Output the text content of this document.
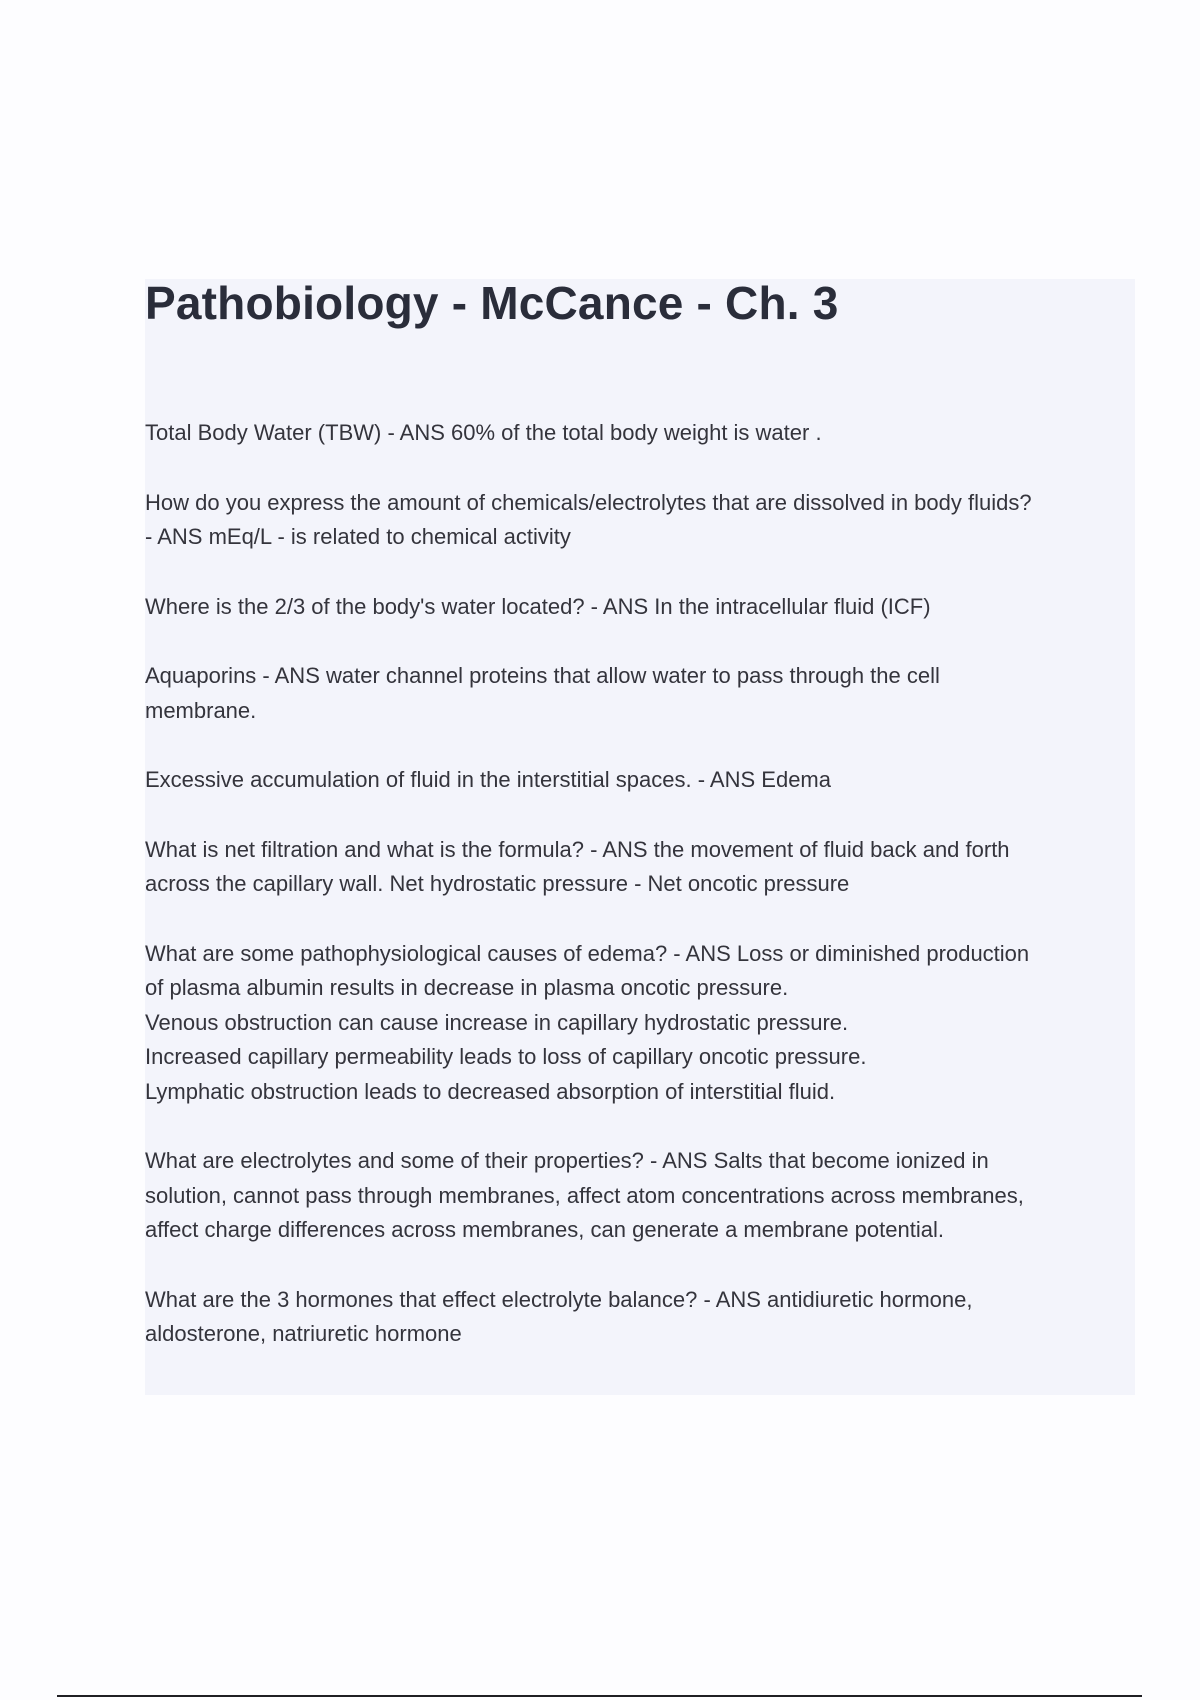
Pathobiology - McCance - Ch. 3
Total Body Water (TBW) - ANS 60% of the total body weight is water .
How do you express the amount of chemicals/electrolytes that are dissolved in body fluids?
- ANS mEq/L - is related to chemical activity
Where is the 2/3 of the body's water located? - ANS In the intracellular fluid (ICF)
Aquaporins - ANS water channel proteins that allow water to pass through the cell
membrane.
Excessive accumulation of fluid in the interstitial spaces. - ANS Edema
What is net filtration and what is the formula? - ANS the movement of fluid back and forth
across the capillary wall. Net hydrostatic pressure - Net oncotic pressure
What are some pathophysiological causes of edema? - ANS Loss or diminished production
of plasma albumin results in decrease in plasma oncotic pressure.
Venous obstruction can cause increase in capillary hydrostatic pressure.
Increased capillary permeability leads to loss of capillary oncotic pressure.
Lymphatic obstruction leads to decreased absorption of interstitial fluid.
What are electrolytes and some of their properties? - ANS Salts that become ionized in
solution, cannot pass through membranes, affect atom concentrations across membranes,
affect charge differences across membranes, can generate a membrane potential.
What are the 3 hormones that effect electrolyte balance? - ANS antidiuretic hormone,
aldosterone, natriuretic hormone
